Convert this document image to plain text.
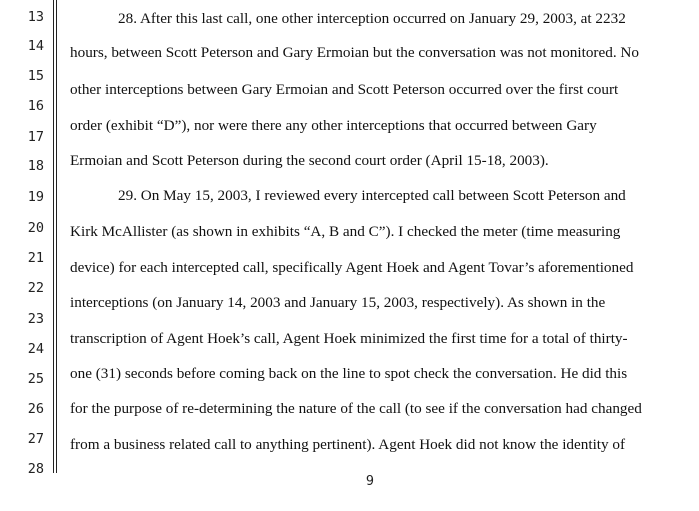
13
14
15
16
17
18
19
20
21
22
23
24
25
26
27
28
28. After this last call, one other interception occurred on January 29, 2003, at 2232
hours, between Scott Peterson and Gary Ermoian but the conversation was not monitored. No
other interceptions between Gary Ermoian and Scott Peterson occurred over the first court
order (exhibit “D”), nor were there any other interceptions that occurred between Gary
Ermoian and Scott Peterson during the second court order (April 15-18, 2003).
29. On May 15, 2003, I reviewed every intercepted call between Scott Peterson and
Kirk McAllister (as shown in exhibits “A, B and C”). I checked the meter (time measuring
device) for each intercepted call, specifically Agent Hoek and Agent Tovar’s aforementioned
interceptions (on January 14, 2003 and January 15, 2003, respectively). As shown in the
transcription of Agent Hoek’s call, Agent Hoek minimized the first time for a total of thirty-
one (31) seconds before coming back on the line to spot check the conversation. He did this
for the purpose of re-determining the nature of the call (to see if the conversation had changed
from a business related call to anything pertinent). Agent Hoek did not know the identity of
9
